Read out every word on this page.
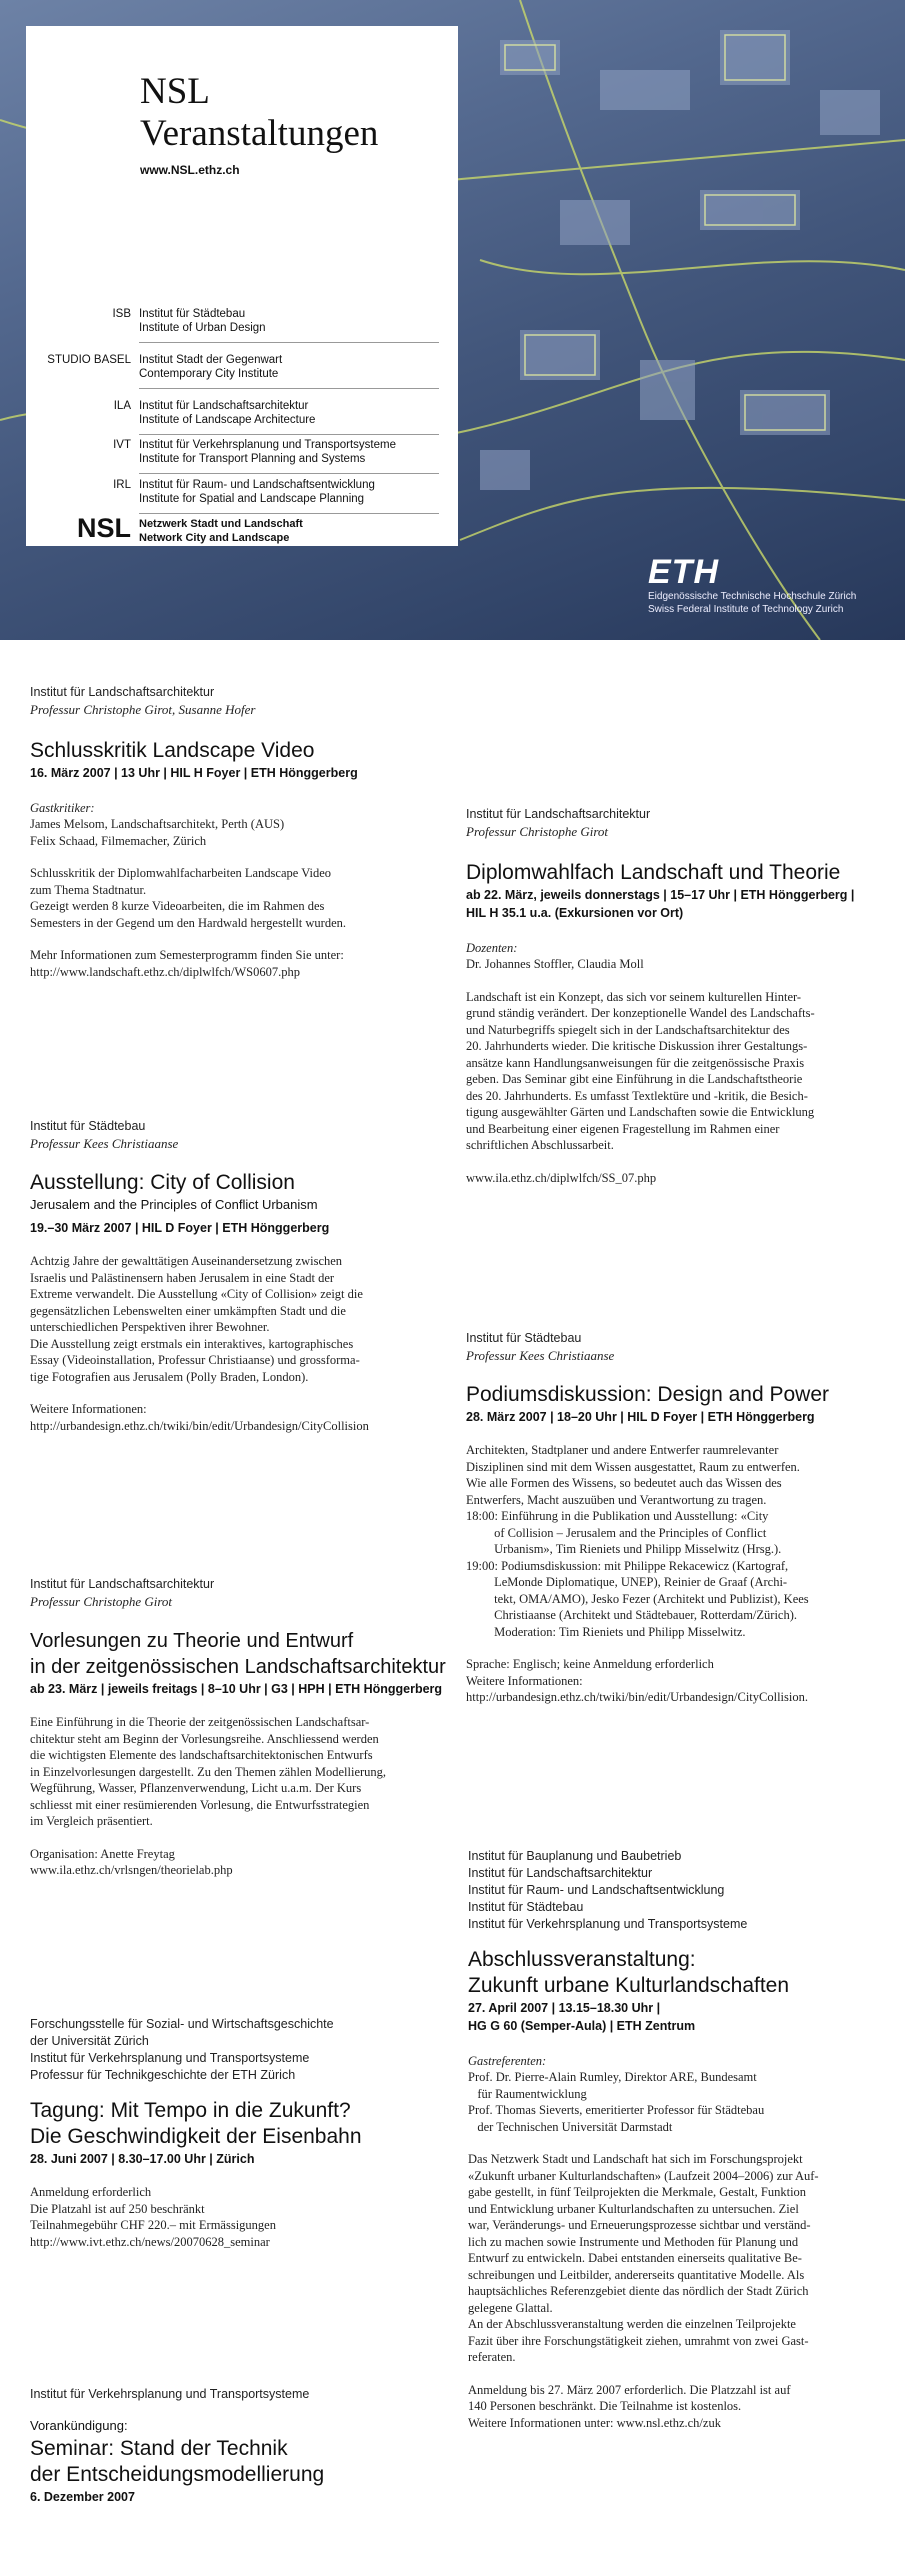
NSL
Veranstaltungen
www.NSL.ethz.ch
ISB Institut für Städtebau
Institute of Urban Design
STUDIO BASEL Institut Stadt der Gegenwart
Contemporary City Institute
ILA Institut für Landschaftsarchitektur
Institute of Landscape Architecture
IVT Institut für Verkehrsplanung und Transportsysteme
Institute for Transport Planning and Systems
IRL Institut für Raum- und Landschaftsentwicklung
Institute for Spatial and Landscape Planning
NSL Netzwerk Stadt und Landschaft
Network City and Landscape
ETH
Eidgenössische Technische Hochschule Zürich
Swiss Federal Institute of Technology Zurich
Institut für Landschaftsarchitektur
Professur Christophe Girot, Susanne Hofer
Schlusskritik Landscape Video
16. März 2007 | 13 Uhr | HIL H Foyer | ETH Hönggerberg
Gastkritiker:
James Melsom, Landschaftsarchitekt, Perth (AUS)
Felix Schaad, Filmemacher, Zürich
Schlusskritik der Diplomwahlfacharbeiten Landscape Video
zum Thema Stadtnatur.
Gezeigt werden 8 kurze Videoarbeiten, die im Rahmen des
Semesters in der Gegend um den Hardwald hergestellt wurden.
Mehr Informationen zum Semesterprogramm finden Sie unter:
http://www.landschaft.ethz.ch/diplwlfch/WS0607.php
Institut für Städtebau
Professur Kees Christiaanse
Ausstellung: City of Collision
Jerusalem and the Principles of Conflict Urbanism
19.–30 März 2007 | HIL D Foyer | ETH Hönggerberg
Achtzig Jahre der gewalttätigen Auseinandersetzung zwischen
Israelis und Palästinensern haben Jerusalem in eine Stadt der
Extreme verwandelt. Die Ausstellung «City of Collision» zeigt die
gegensätzlichen Lebenswelten einer umkämpften Stadt und die
unterschiedlichen Perspektiven ihrer Bewohner.
Die Ausstellung zeigt erstmals ein interaktives, kartographisches
Essay (Videoinstallation, Professur Christiaanse) und grossforma-
tige Fotografien aus Jerusalem (Polly Braden, London).
Weitere Informationen:
http://urbandesign.ethz.ch/twiki/bin/edit/Urbandesign/CityCollision
Institut für Landschaftsarchitektur
Professur Christophe Girot
Vorlesungen zu Theorie und Entwurf
in der zeitgenössischen Landschaftsarchitektur
ab 23. März | jeweils freitags | 8–10 Uhr | G3 | HPH | ETH Hönggerberg
Eine Einführung in die Theorie der zeitgenössischen Landschaftsar-
chitektur steht am Beginn der Vorlesungsreihe. Anschliessend werden
die wichtigsten Elemente des landschaftsarchitektonischen Entwurfs
in Einzelvorlesungen dargestellt. Zu den Themen zählen Modellierung,
Wegführung, Wasser, Pflanzenverwendung, Licht u.a.m. Der Kurs
schliesst mit einer resümierenden Vorlesung, die Entwurfsstrategien
im Vergleich präsentiert.
Organisation: Anette Freytag
www.ila.ethz.ch/vrlsngen/theorielab.php
Forschungsstelle für Sozial- und Wirtschaftsgeschichte
der Universität Zürich
Institut für Verkehrsplanung und Transportsysteme
Professur für Technikgeschichte der ETH Zürich
Tagung: Mit Tempo in die Zukunft?
Die Geschwindigkeit der Eisenbahn
28. Juni 2007 | 8.30–17.00 Uhr | Zürich
Anmeldung erforderlich
Die Platzahl ist auf 250 beschränkt
Teilnahmegebühr CHF 220.– mit Ermässigungen
http://www.ivt.ethz.ch/news/20070628_seminar
Institut für Verkehrsplanung und Transportsysteme
Vorankündigung:
Seminar: Stand der Technik
der Entscheidungsmodellierung
6. Dezember 2007
Institut für Landschaftsarchitektur
Professur Christophe Girot
Diplomwahlfach Landschaft und Theorie
ab 22. März, jeweils donnerstags | 15–17 Uhr | ETH Hönggerberg |
HIL H 35.1 u.a. (Exkursionen vor Ort)
Dozenten:
Dr. Johannes Stoffler, Claudia Moll
Landschaft ist ein Konzept, das sich vor seinem kulturellen Hinter-
grund ständig verändert. Der konzeptionelle Wandel des Landschafts-
und Naturbegriffs spiegelt sich in der Landschaftsarchitektur des
20. Jahrhunderts wieder. Die kritische Diskussion ihrer Gestaltungs-
ansätze kann Handlungsanweisungen für die zeitgenössische Praxis
geben. Das Seminar gibt eine Einführung in die Landschaftstheorie
des 20. Jahrhunderts. Es umfasst Textlektüre und -kritik, die Besich-
tigung ausgewählter Gärten und Landschaften sowie die Entwicklung
und Bearbeitung einer eigenen Fragestellung im Rahmen einer
schriftlichen Abschlussarbeit.
www.ila.ethz.ch/diplwlfch/SS_07.php
Institut für Städtebau
Professur Kees Christiaanse
Podiumsdiskussion: Design and Power
28. März 2007 | 18–20 Uhr | HIL D Foyer | ETH Hönggerberg
Architekten, Stadtplaner und andere Entwerfer raumrelevanter
Disziplinen sind mit dem Wissen ausgestattet, Raum zu entwerfen.
Wie alle Formen des Wissens, so bedeutet auch das Wissen des
Entwerfers, Macht auszuüben und Verantwortung zu tragen.
18:00: Einführung in die Publikation und Ausstellung: «City
of Collision – Jerusalem and the Principles of Conflict
Urbanism», Tim Rieniets und Philipp Misselwitz (Hrsg.).
19:00: Podiumsdiskussion: mit Philippe Rekacewicz (Kartograf,
LeMonde Diplomatique, UNEP), Reinier de Graaf (Archi-
tekt, OMA/AMO), Jesko Fezer (Architekt und Publizist), Kees
Christiaanse (Architekt und Städtebauer, Rotterdam/Zürich).
Moderation: Tim Rieniets und Philipp Misselwitz.
Sprache: Englisch; keine Anmeldung erforderlich
Weitere Informationen:
http://urbandesign.ethz.ch/twiki/bin/edit/Urbandesign/CityCollision.
Institut für Bauplanung und Baubetrieb
Institut für Landschaftsarchitektur
Institut für Raum- und Landschaftsentwicklung
Institut für Städtebau
Institut für Verkehrsplanung und Transportsysteme
Abschlussveranstaltung:
Zukunft urbane Kulturlandschaften
27. April 2007 | 13.15–18.30 Uhr |
HG G 60 (Semper-Aula) | ETH Zentrum
Gastreferenten:
Prof. Dr. Pierre-Alain Rumley, Direktor ARE, Bundesamt
für Raumentwicklung
Prof. Thomas Sieverts, emeritierter Professor für Städtebau
der Technischen Universität Darmstadt
Das Netzwerk Stadt und Landschaft hat sich im Forschungsprojekt
«Zukunft urbaner Kulturlandschaften» (Laufzeit 2004–2006) zur Auf-
gabe gestellt, in fünf Teilprojekten die Merkmale, Gestalt, Funktion
und Entwicklung urbaner Kulturlandschaften zu untersuchen. Ziel
war, Veränderungs- und Erneuerungsprozesse sichtbar und verständ-
lich zu machen sowie Instrumente und Methoden für Planung und
Entwurf zu entwickeln. Dabei entstanden einerseits qualitative Be-
schreibungen und Leitbilder, andererseits quantitative Modelle. Als
hauptsächliches Referenzgebiet diente das nördlich der Stadt Zürich
gelegene Glattal.
An der Abschlussveranstaltung werden die einzelnen Teilprojekte
Fazit über ihre Forschungstätigkeit ziehen, umrahmt von zwei Gast-
referaten.
Anmeldung bis 27. März 2007 erforderlich. Die Platzzahl ist auf
140 Personen beschränkt. Die Teilnahme ist kostenlos.
Weitere Informationen unter: www.nsl.ethz.ch/zuk
